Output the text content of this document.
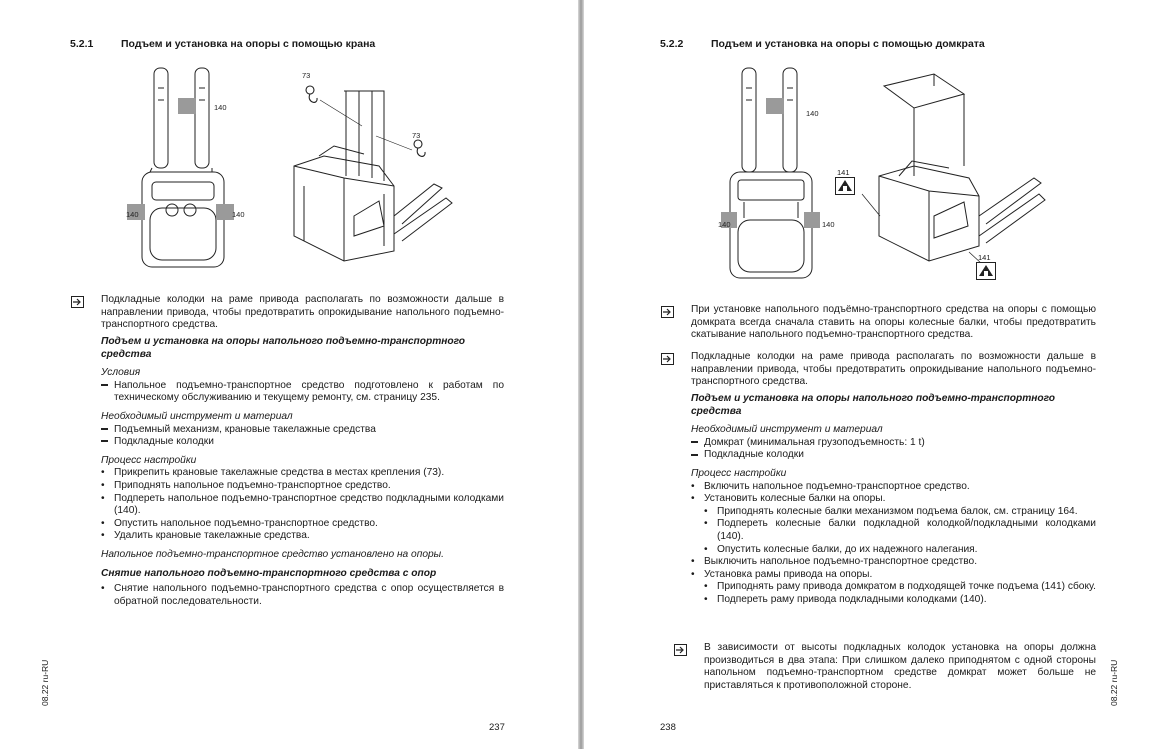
5.2.1	Подъем и установка на опоры с помощью крана
140
140	140
73
73
Подкладные колодки на раме привода располагать по возможности дальше в направлении привода, чтобы предотвратить опрокидывание напольного подъемно-транспортного средства.
Подъем и установка на опоры напольного подъемно-транспортного средства
Условия
Напольное подъемно-транспортное средство подготовлено к работам по техническому обслуживанию и текущему ремонту, см. страницу 235.
Необходимый инструмент и материал
Подъемный механизм, крановые такелажные средства
Подкладные колодки
Процесс настройки
• Прикрепить крановые такелажные средства в местах крепления (73).
• Приподнять напольное подъемно-транспортное средство.
• Подпереть напольное подъемно-транспортное средство подкладными колодками (140).
• Опустить напольное подъемно-транспортное средство.
• Удалить крановые такелажные средства.
Напольное подъемно-транспортное средство установлено на опоры.
Снятие напольного подъемно-транспортного средства с опор
• Снятие напольного подъемно-транспортного средства с опор осуществляется в обратной последовательности.
237
08.22 ru-RU
5.2.2	Подъем и установка на опоры с помощью домкрата
140
140	140
141
141
При установке напольного подъёмно-транспортного средства на опоры с помощью домкрата всегда сначала ставить на опоры колесные балки, чтобы предотвратить скатывание напольного подъемно-транспортного средства.
Подкладные колодки на раме привода располагать по возможности дальше в направлении привода, чтобы предотвратить опрокидывание напольного подъемно-транспортного средства.
Подъем и установка на опоры напольного подъемно-транспортного средства
Необходимый инструмент и материал
Домкрат (минимальная грузоподъемность: 1 t)
Подкладные колодки
Процесс настройки
• Включить напольное подъемно-транспортное средство.
• Установить колесные балки на опоры.
• Приподнять колесные балки механизмом подъема балок, см. страницу 164.
• Подпереть колесные балки подкладной колодкой/подкладными колодками (140).
• Опустить колесные балки, до их надежного налегания.
• Выключить напольное подъемно-транспортное средство.
• Установка рамы привода на опоры.
• Приподнять раму привода домкратом в подходящей точке подъема (141) сбоку.
• Подпереть раму привода подкладными колодками (140).
В зависимости от высоты подкладных колодок установка на опоры должна производиться в два этапа: При слишком далеко приподнятом с одной стороны напольном подъемно-транспортном средстве домкрат может больше не приставляться к противоположной стороне.
238
08.22 ru-RU
